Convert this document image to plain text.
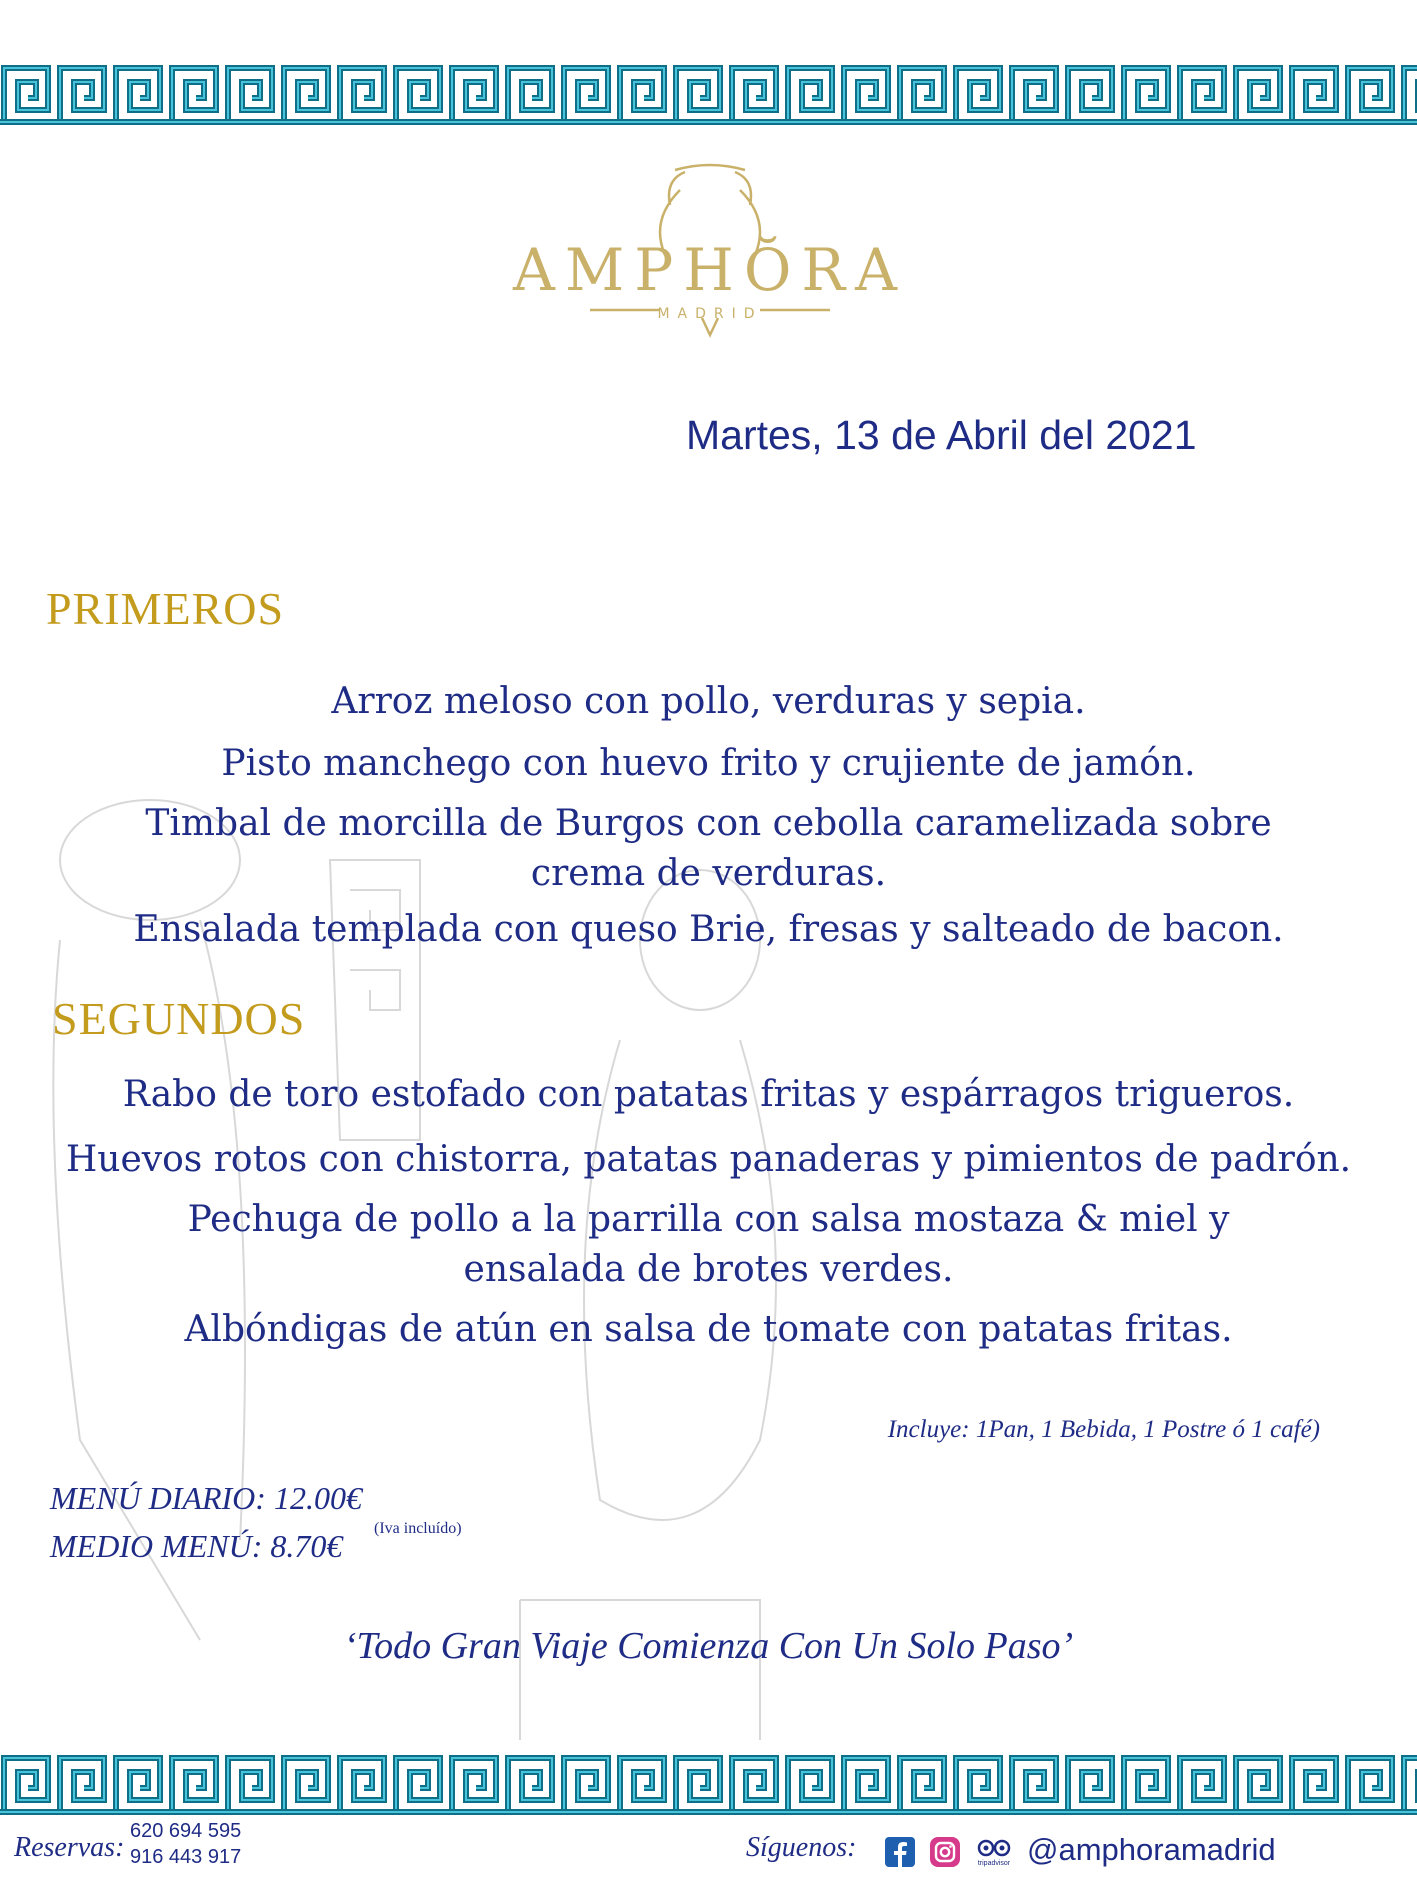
AMPHŎRA
MADRID
Martes, 13 de Abril del 2021
PRIMEROS
Arroz meloso con pollo, verduras y sepia.
Pisto manchego con huevo frito y crujiente de jamón.
Timbal de morcilla de Burgos con cebolla caramelizada sobre
crema de verduras.
Ensalada templada con queso Brie, fresas y salteado de bacon.
SEGUNDOS
Rabo de toro estofado con patatas fritas y espárragos trigueros.
Huevos rotos con chistorra, patatas panaderas y pimientos de padrón.
Pechuga de pollo a la parrilla con salsa mostaza & miel y
ensalada de brotes verdes.
Albóndigas de atún en salsa de tomate con patatas fritas.
Incluye: 1Pan, 1 Bebida, 1 Postre ó 1 café)
MENÚ DIARIO: 12.00€
MEDIO MENÚ: 8.70€ (Iva incluído)
‘Todo Gran Viaje Comienza Con Un Solo Paso’
Reservas:
620 694 595
916 443 917	Síguenos:
tripadvisor @amphoramadrid
